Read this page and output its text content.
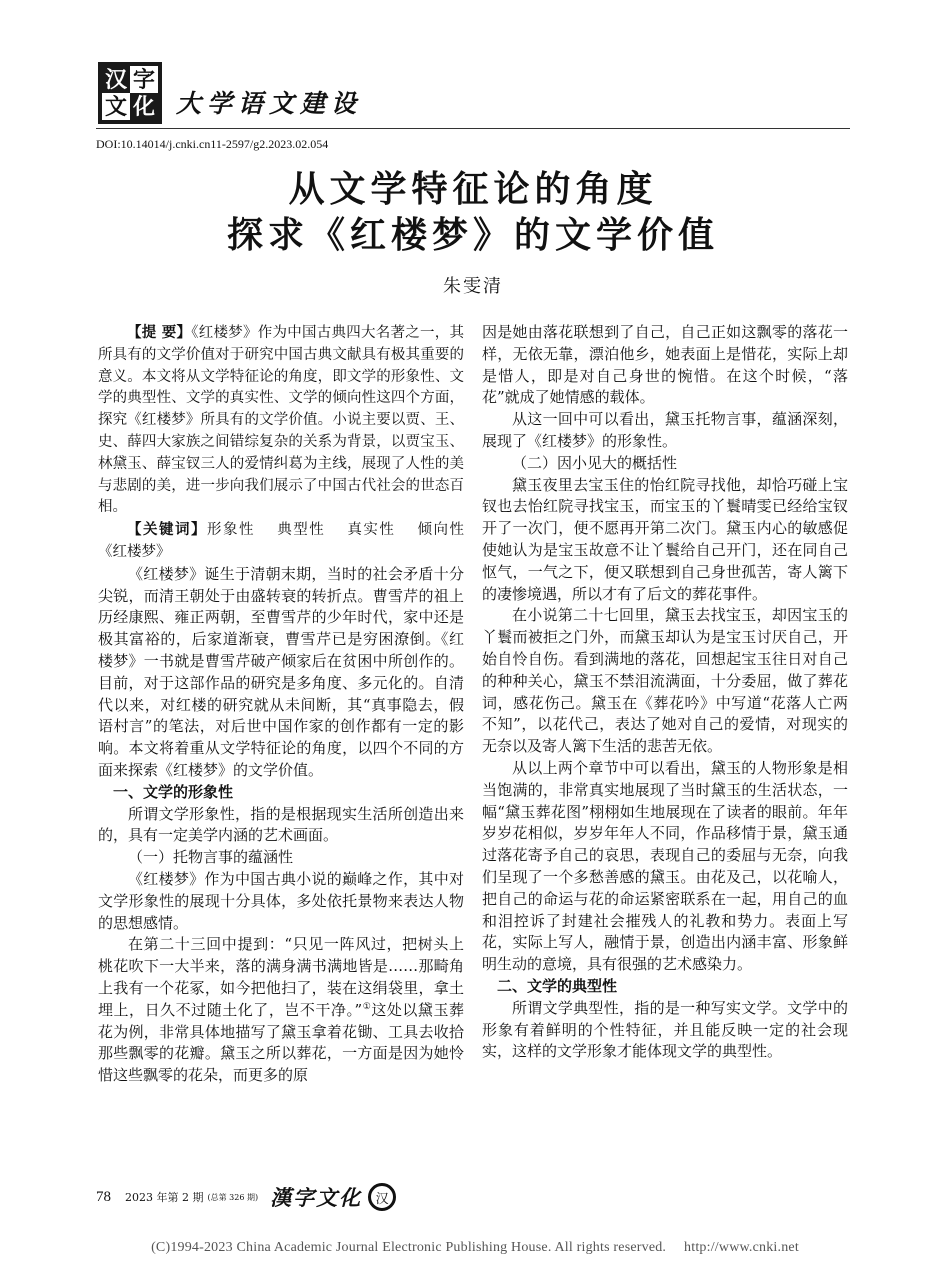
汉 字
文 化 大学语文建设
DOI:10.14014/j.cnki.cn11-2597/g2.2023.02.054
从文学特征论的角度
探求《红楼梦》的文学价值
朱雯清

【提 要】《红楼梦》作为中国古典四大名著之一，其所具有的文学价值对于研究中国古典文献具有极其重要的意义。本文将从文学特征论的角度，即文学的形象性、文学的典型性、文学的真实性、文学的倾向性这四个方面，探究《红楼梦》所具有的文学价值。小说主要以贾、王、史、薛四大家族之间错综复杂的关系为背景，以贾宝玉、林黛玉、薛宝钗三人的爱情纠葛为主线，展现了人性的美与悲剧的美，进一步向我们展示了中国古代社会的世态百相。

【关键词】形象性　 典型性　 真实性　 倾向性　《红楼梦》

《红楼梦》诞生于清朝末期，当时的社会矛盾十分尖锐，而清王朝处于由盛转衰的转折点。曹雪芹的祖上历经康熙、雍正两朝，至曹雪芹的少年时代，家中还是极其富裕的，后家道渐衰，曹雪芹已是穷困潦倒。《红楼梦》一书就是曹雪芹破产倾家后在贫困中所创作的。目前，对于这部作品的研究是多角度、多元化的。自清代以来，对红楼的研究就从未间断，其“真事隐去，假语村言”的笔法，对后世中国作家的创作都有一定的影响。本文将着重从文学特征论的角度，以四个不同的方面来探索《红楼梦》的文学价值。

一、文学的形象性

所谓文学形象性，指的是根据现实生活所创造出来的，具有一定美学内涵的艺术画面。

（一）托物言事的蕴涵性

《红楼梦》作为中国古典小说的巅峰之作，其中对文学形象性的展现十分具体，多处依托景物来表达人物的思想感情。

在第二十三回中提到：“只见一阵风过，把树头上桃花吹下一大半来，落的满身满书满地皆是……那畸角上我有一个花冢，如今把他扫了，装在这绢袋里，拿土埋上，日久不过随土化了，岂不干净。”①这处以黛玉葬花为例，非常具体地描写了黛玉拿着花锄、工具去收拾那些飘零的花瓣。黛玉之所以葬花，一方面是因为她怜惜这些飘零的花朵，而更多的原

因是她由落花联想到了自己，自己正如这飘零的落花一样，无依无靠，漂泊他乡，她表面上是惜花，实际上却是惜人，即是对自己身世的惋惜。在这个时候，“落花”就成了她情感的载体。

从这一回中可以看出，黛玉托物言事，蕴涵深刻，展现了《红楼梦》的形象性。

（二）因小见大的概括性

黛玉夜里去宝玉住的怡红院寻找他，却恰巧碰上宝钗也去怡红院寻找宝玉，而宝玉的丫鬟晴雯已经给宝钗开了一次门，便不愿再开第二次门。黛玉内心的敏感促使她认为是宝玉故意不让丫鬟给自己开门，还在同自己怄气，一气之下，便又联想到自己身世孤苦，寄人篱下的凄惨境遇，所以才有了后文的葬花事件。

在小说第二十七回里，黛玉去找宝玉，却因宝玉的丫鬟而被拒之门外，而黛玉却认为是宝玉讨厌自己，开始自怜自伤。看到满地的落花，回想起宝玉往日对自己的种种关心，黛玉不禁泪流满面，十分委屈，做了葬花词，感花伤己。黛玉在《葬花吟》中写道“花落人亡两不知”，以花代己，表达了她对自己的爱情，对现实的无奈以及寄人篱下生活的悲苦无依。

从以上两个章节中可以看出，黛玉的人物形象是相当饱满的，非常真实地展现了当时黛玉的生活状态，一幅“黛玉葬花图”栩栩如生地展现在了读者的眼前。年年岁岁花相似，岁岁年年人不同，作品移情于景，黛玉通过落花寄予自己的哀思，表现自己的委屈与无奈，向我们呈现了一个多愁善感的黛玉。由花及己，以花喻人，把自己的命运与花的命运紧密联系在一起，用自己的血和泪控诉了封建社会摧残人的礼教和势力。表面上写花，实际上写人，融情于景，创造出内涵丰富、形象鲜明生动的意境，具有很强的艺术感染力。

二、文学的典型性

所谓文学典型性，指的是一种写实文学。文学中的形象有着鲜明的个性特征，并且能反映一定的社会现实，这样的文学形象才能体现文学的典型性。

78 2023 年第 2 期 (总第 326 期) 漢字文化	汉
(C)1994-2023 China Academic Journal Electronic Publishing House. All rights reserved.　 http://www.cnki.net
